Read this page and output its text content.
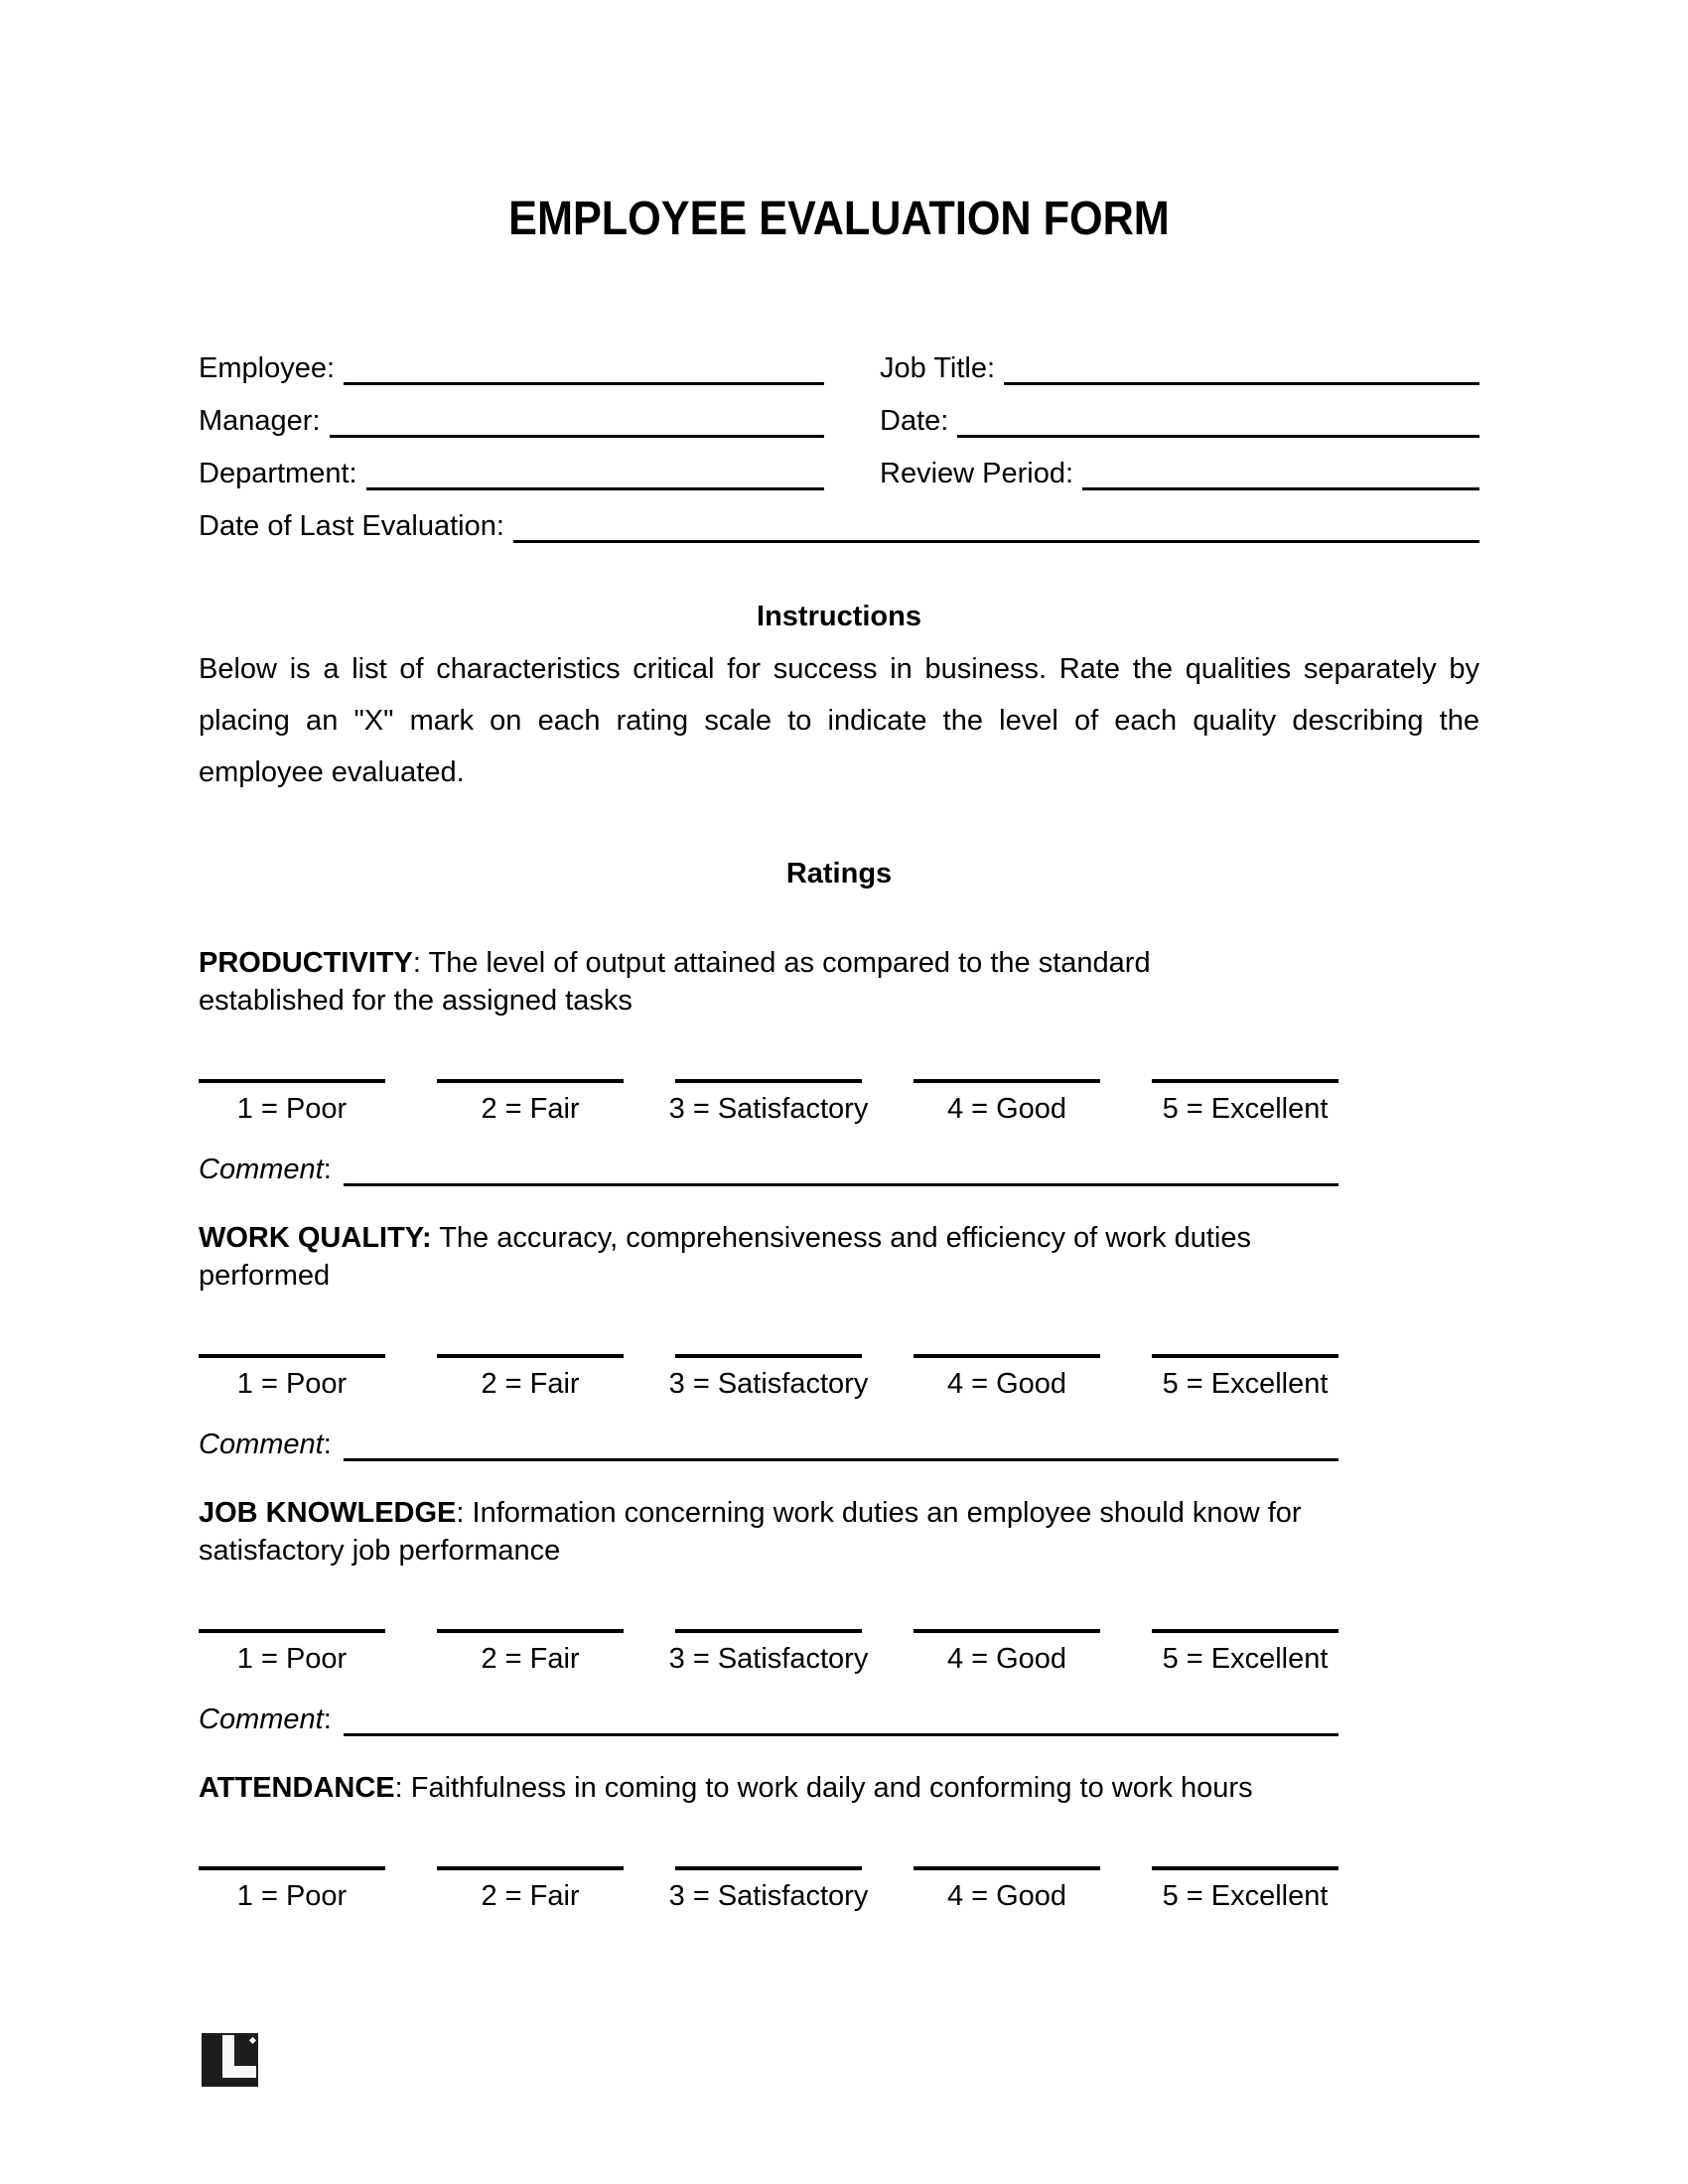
EMPLOYEE EVALUATION FORM
Employee:	Job Title:
Manager:	Date:
Department:	Review Period:
Date of Last Evaluation:
Instructions
Below is a list of characteristics critical for success in business. Rate the qualities separately by
placing an "X" mark on each rating scale to indicate the level of each quality describing the
employee evaluated.
Ratings
PRODUCTIVITY: The level of output attained as compared to the standard
established for the assigned tasks
1 = Poor	2 = Fair	3 = Satisfactory	4 = Good	5 = Excellent
Comment :
WORK QUALITY: The accuracy, comprehensiveness and efficiency of work duties
performed
1 = Poor	2 = Fair	3 = Satisfactory	4 = Good	5 = Excellent
Comment :
JOB KNOWLEDGE: Information concerning work duties an employee should know for
satisfactory job performance
1 = Poor	2 = Fair	3 = Satisfactory	4 = Good	5 = Excellent
Comment :
ATTENDANCE: Faithfulness in coming to work daily and conforming to work hours
1 = Poor	2 = Fair	3 = Satisfactory	4 = Good	5 = Excellent
